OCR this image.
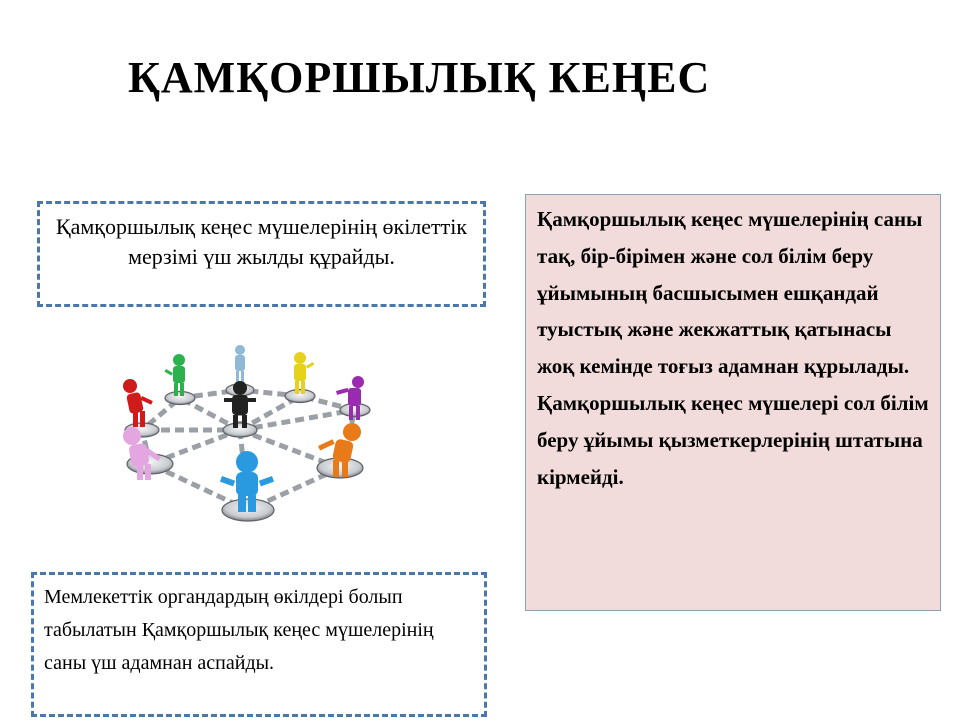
ҚАМҚОРШЫЛЫҚ КЕҢЕС
Қамқоршылық кеңес мүшелерінің өкілеттік мерзімі үш жылды құрайды.
Қамқоршылық кеңес мүшелерінің саны тақ, бір-бірімен және сол білім беру ұйымының басшысымен ешқандай туыстық және жекжаттық қатынасы жоқ кемінде тоғыз адамнан құрылады. Қамқоршылық кеңес мүшелері сол білім беру ұйымы қызметкерлерінің штатына кірмейді.
Мемлекеттік органдардың өкілдері болып табылатын Қамқоршылық кеңес мүшелерінің саны үш адамнан аспайды.
